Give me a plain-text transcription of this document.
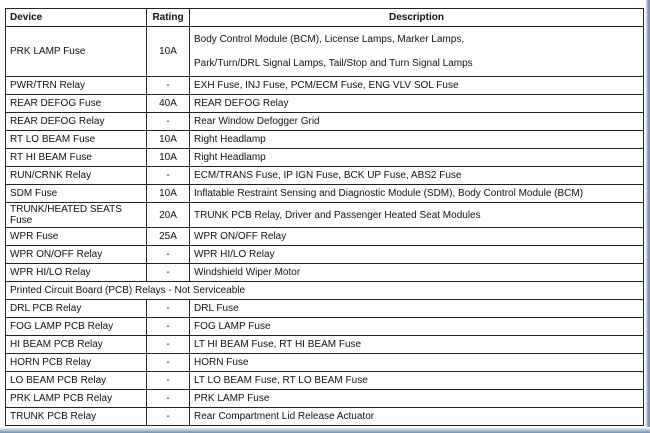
Device	Rating	Description
PRK LAMP Fuse	10A	Body Control Module (BCM), License Lamps, Marker Lamps,
Park/Turn/DRL Signal Lamps, Tail/Stop and Turn Signal Lamps

PWR/TRN Relay	-	EXH Fuse, INJ Fuse, PCM/ECM Fuse, ENG VLV SOL Fuse
REAR DEFOG Fuse	40A	REAR DEFOG Relay
REAR DEFOG Relay	-	Rear Window Defogger Grid
RT LO BEAM Fuse	10A	Right Headlamp
RT HI BEAM Fuse	10A	Right Headlamp
RUN/CRNK Relay	-	ECM/TRANS Fuse, IP IGN Fuse, BCK UP Fuse, ABS2 Fuse
SDM Fuse	10A	Inflatable Restraint Sensing and Diagnostic Module (SDM), Body Control Module (BCM)
TRUNK/HEATED SEATS Fuse	20A	TRUNK PCB Relay, Driver and Passenger Heated Seat Modules
WPR Fuse	25A	WPR ON/OFF Relay
WPR ON/OFF Relay	-	WPR HI/LO Relay
WPR HI/LO Relay	-	Windshield Wiper Motor
Printed Circuit Board (PCB) Relays - Not Serviceable		
DRL PCB Relay	-	DRL Fuse
FOG LAMP PCB Relay	-	FOG LAMP Fuse
HI BEAM PCB Relay	-	LT HI BEAM Fuse, RT HI BEAM Fuse
HORN PCB Relay	-	HORN Fuse
LO BEAM PCB Relay	-	LT LO BEAM Fuse, RT LO BEAM Fuse
PRK LAMP PCB Relay	-	PRK LAMP Fuse
TRUNK PCB Relay	-	Rear Compartment Lid Release Actuator
